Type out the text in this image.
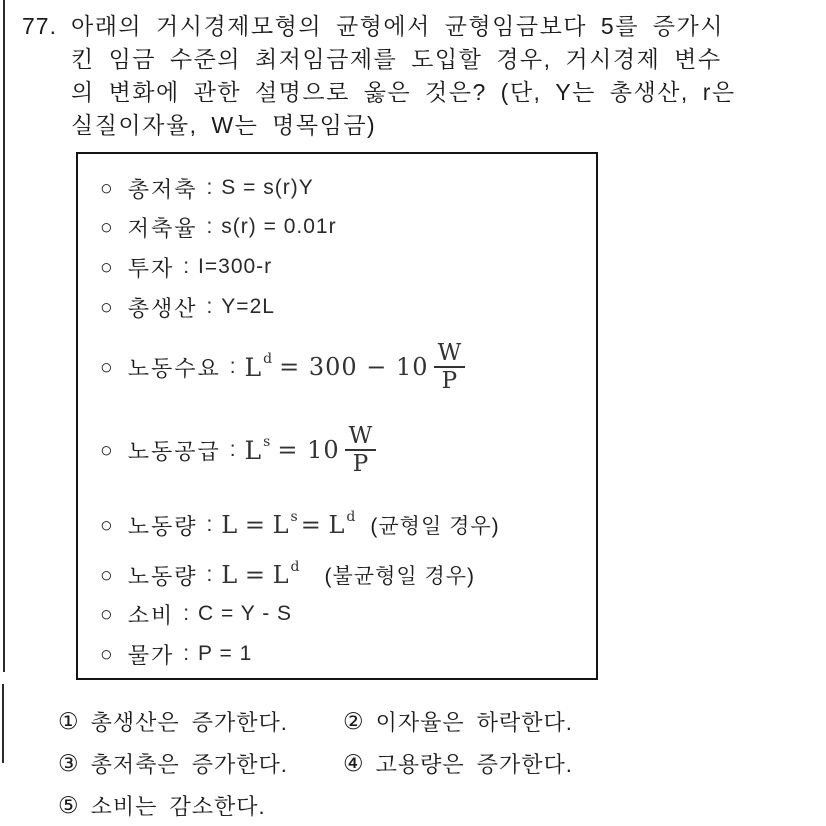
77. 아래의 거시경제모형의 균형에서 균형임금보다 5를 증가시
킨 임금 수준의 최저임금제를 도입할 경우, 거시경제 변수
의 변화에 관한 설명으로 옳은 것은? (단, Y는 총생산, r은
실질이자율, W는 명목임금)
○ 총저축 : S = s(r)Y
○ 저축율 : s(r) = 0.01r
○ 투자 : I=300-r
○ 총생산 : Y=2L
○ 노동수요 : L $d = 300 - 10 \frac{W}{P}$
○ 노동공급 : L $s = 10 \frac{W}{P}$
○ 노동량 : L = L s = L d (균형일 경우)
○ 노동량 : L = L d (불균형일 경우)
○ 소비 : C = Y - S
○ 물가 : P = 1
① 총생산은 증가한다. ② 이자율은 하락한다.
③ 총저축은 증가한다. ④ 고용량은 증가한다.
⑤ 소비는 감소한다.
